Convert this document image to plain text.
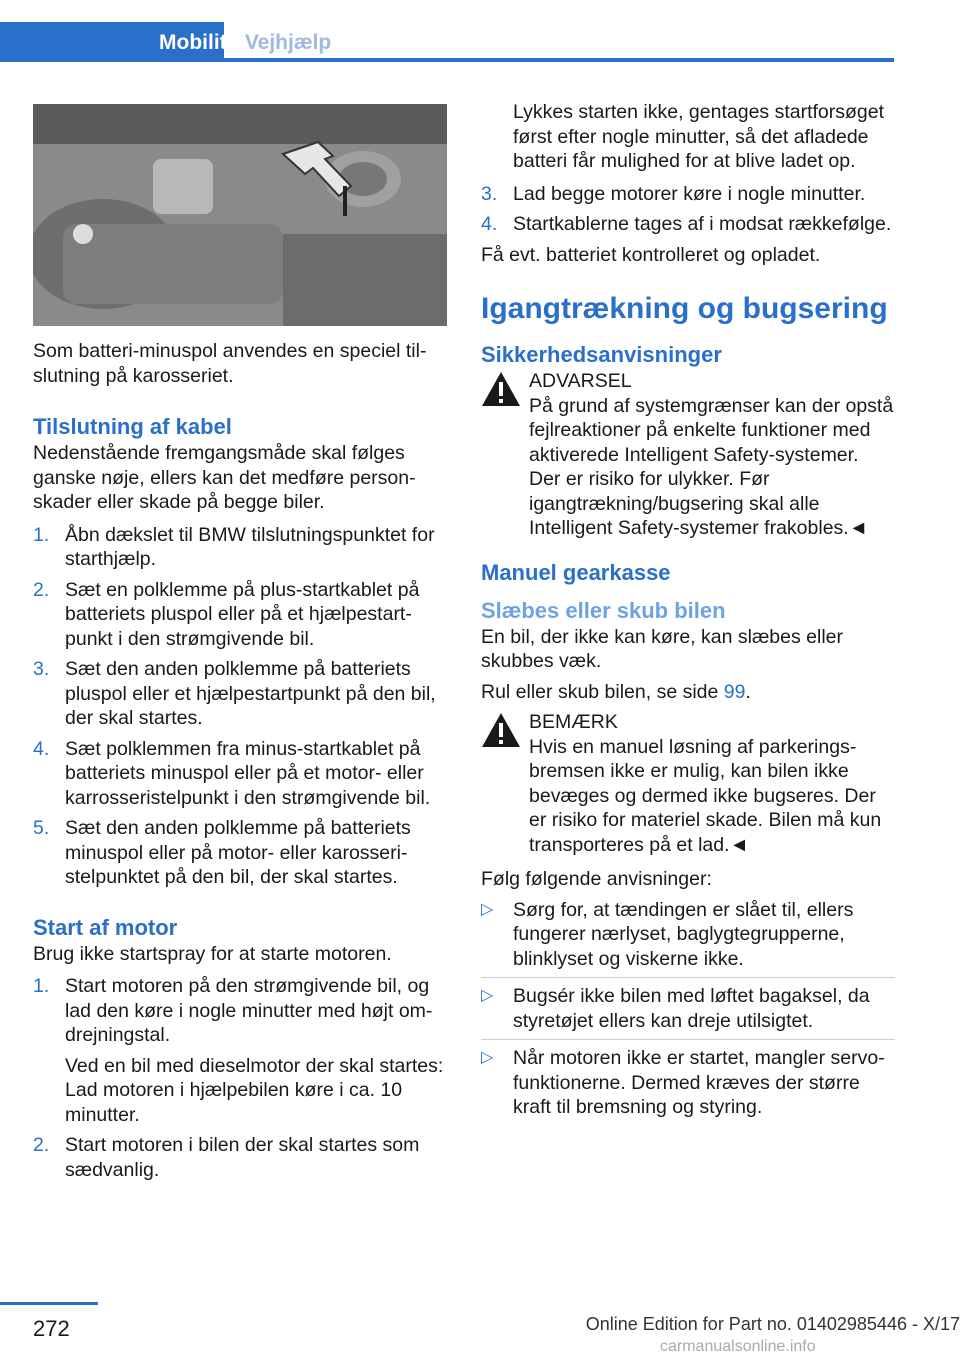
Mobilitet Vejhjælp

Som batteri-minuspol anvendes en speciel tilslutning på karosseriet.

Tilslutning af kabel

Nedenstående fremgangsmåde skal følges ganske nøje, ellers kan det medføre personskader eller skade på begge biler.

1. Åbn dækslet til BMW tilslutningspunktet for starthjælp.
2. Sæt en polklemme på plus-startkablet på batteriets pluspol eller på et hjælpestartpunkt i den strømgivende bil.
3. Sæt den anden polklemme på batteriets pluspol eller et hjælpestartpunkt på den bil, der skal startes.
4. Sæt polklemmen fra minus-startkablet på batteriets minuspol eller på et motor- eller karrosseristelpunkt i den strømgivende bil.
5. Sæt den anden polklemme på batteriets minuspol eller på motor- eller karosseristelpunktet på den bil, der skal startes.
Start af motor

Brug ikke startspray for at starte motoren.

1. Start motoren på den strømgivende bil, og lad den køre i nogle minutter med højt omdrejningstal.

Ved en bil med dieselmotor der skal startes: Lad motoren i hjælpebilen køre i ca. 10 minutter.

2. Start motoren i bilen der skal startes som sædvanlig.

Lykkes starten ikke, gentages startforsøget først efter nogle minutter, så det afladede batteri får mulighed for at blive ladet op.

3. Lad begge motorer køre i nogle minutter.
4. Startkablerne tages af i modsat rækkefølge.

Få evt. batteriet kontrolleret og opladet.

Igangtrækning og bugsering
Sikkerhedsanvisninger

ADVARSEL

På grund af systemgrænser kan der opstå fejlreaktioner på enkelte funktioner med aktiverede Intelligent Safety-systemer. Der er risiko for ulykker. Før igangtrækning/bugsering skal alle Intelligent Safety-systemer frakobles.◄

Manuel gearkasse
Slæbes eller skub bilen

En bil, der ikke kan køre, kan slæbes eller skubbes væk.

Rul eller skub bilen, se side 99.

BEMÆRK

Hvis en manuel løsning af parkeringsbremsen ikke er mulig, kan bilen ikke bevæges og dermed ikke bugseres. Der er risiko for materiel skade. Bilen må kun transporteres på et lad.◄

Følg følgende anvisninger:

▷ Sørg for, at tændingen er slået til, ellers fungerer nærlyset, baglygtegrupperne, blinklyset og viskerne ikke.
▷ Bugsér ikke bilen med løftet bagaksel, da styretøjet ellers kan dreje utilsigtet.
▷ Når motoren ikke er startet, mangler servofunktionerne. Dermed kræves der større kraft til bremsning og styring.
272	Online Edition for Part no. 01402985446 - X/17
carmanualsonline.info
